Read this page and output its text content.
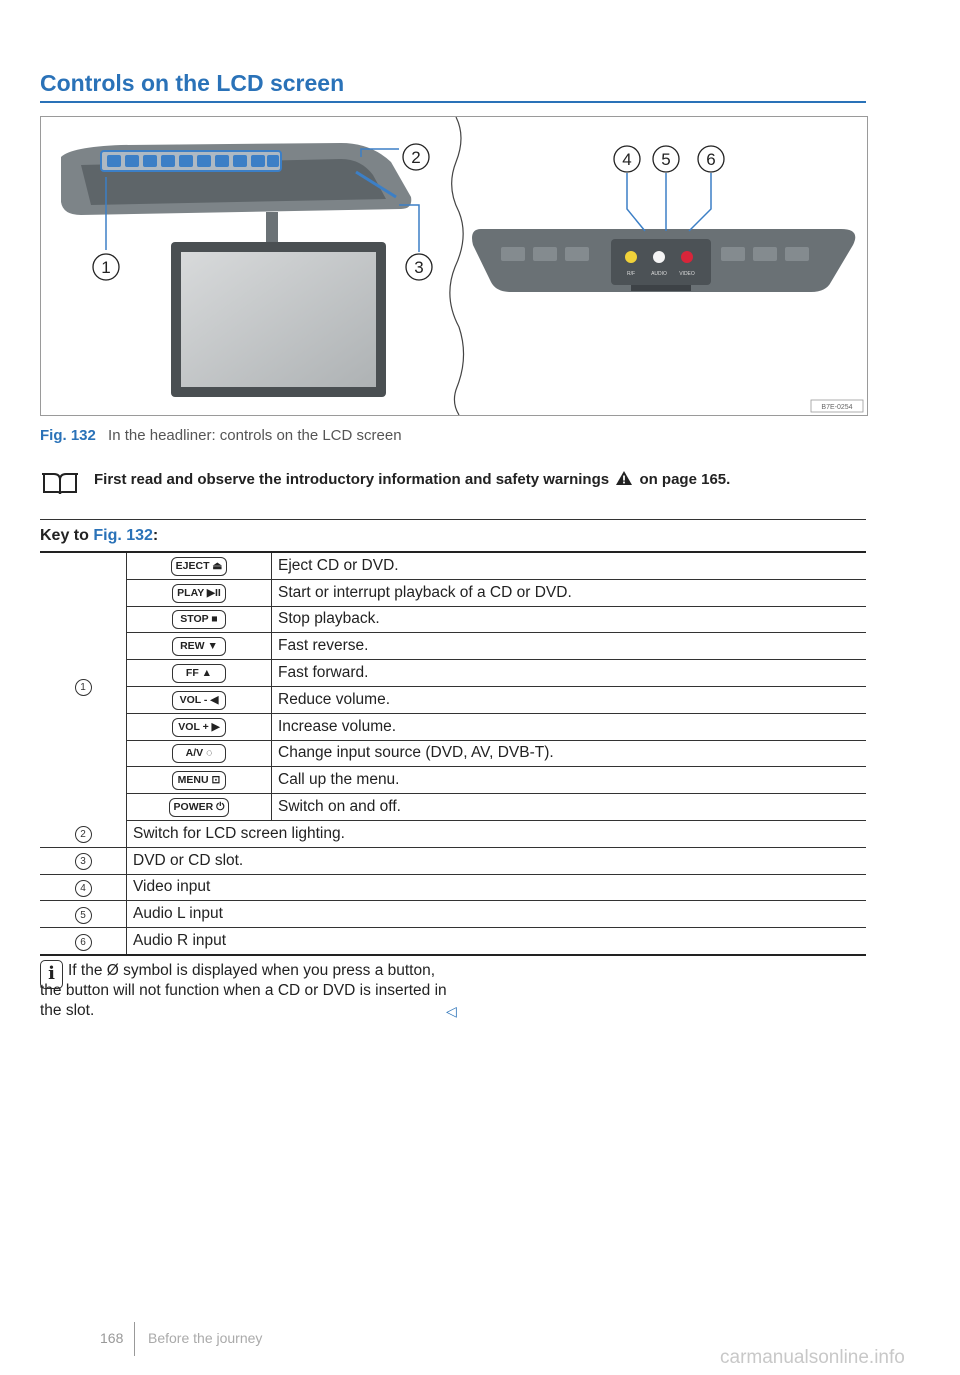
Controls on the LCD screen
1
2
3
4 5 6
R/F	AUDIO VIDEO
B7E-0254
Fig. 132 In the headliner: controls on the LCD screen
First read and observe the introductory information and safety warnings on page 165.
Key to Fig. 132:
1	EJECT ⏏	Eject CD or DVD.
	PLAY ▶II	Start or interrupt playback of a CD or DVD.
	STOP ■	Stop playback.
	REW ▼	Fast reverse.
	FF ▲	Fast forward.
	VOL - ◀	Reduce volume.
	VOL + ▶	Increase volume.
	A/V ◌	Change input source (DVD, AV, DVB-T).
	MENU ⊡	Call up the menu.
	POWER ⏻	Switch on and off.
2	Switch for LCD screen lighting.	
3	DVD or CD slot.	
4	Video input	
5	Audio L input	
6	Audio R input	
i
If the Ø symbol is displayed when you press a button, the button will not function when a CD or DVD is inserted in the slot.	◁
168 Before the journey
carmanualsonline.info
